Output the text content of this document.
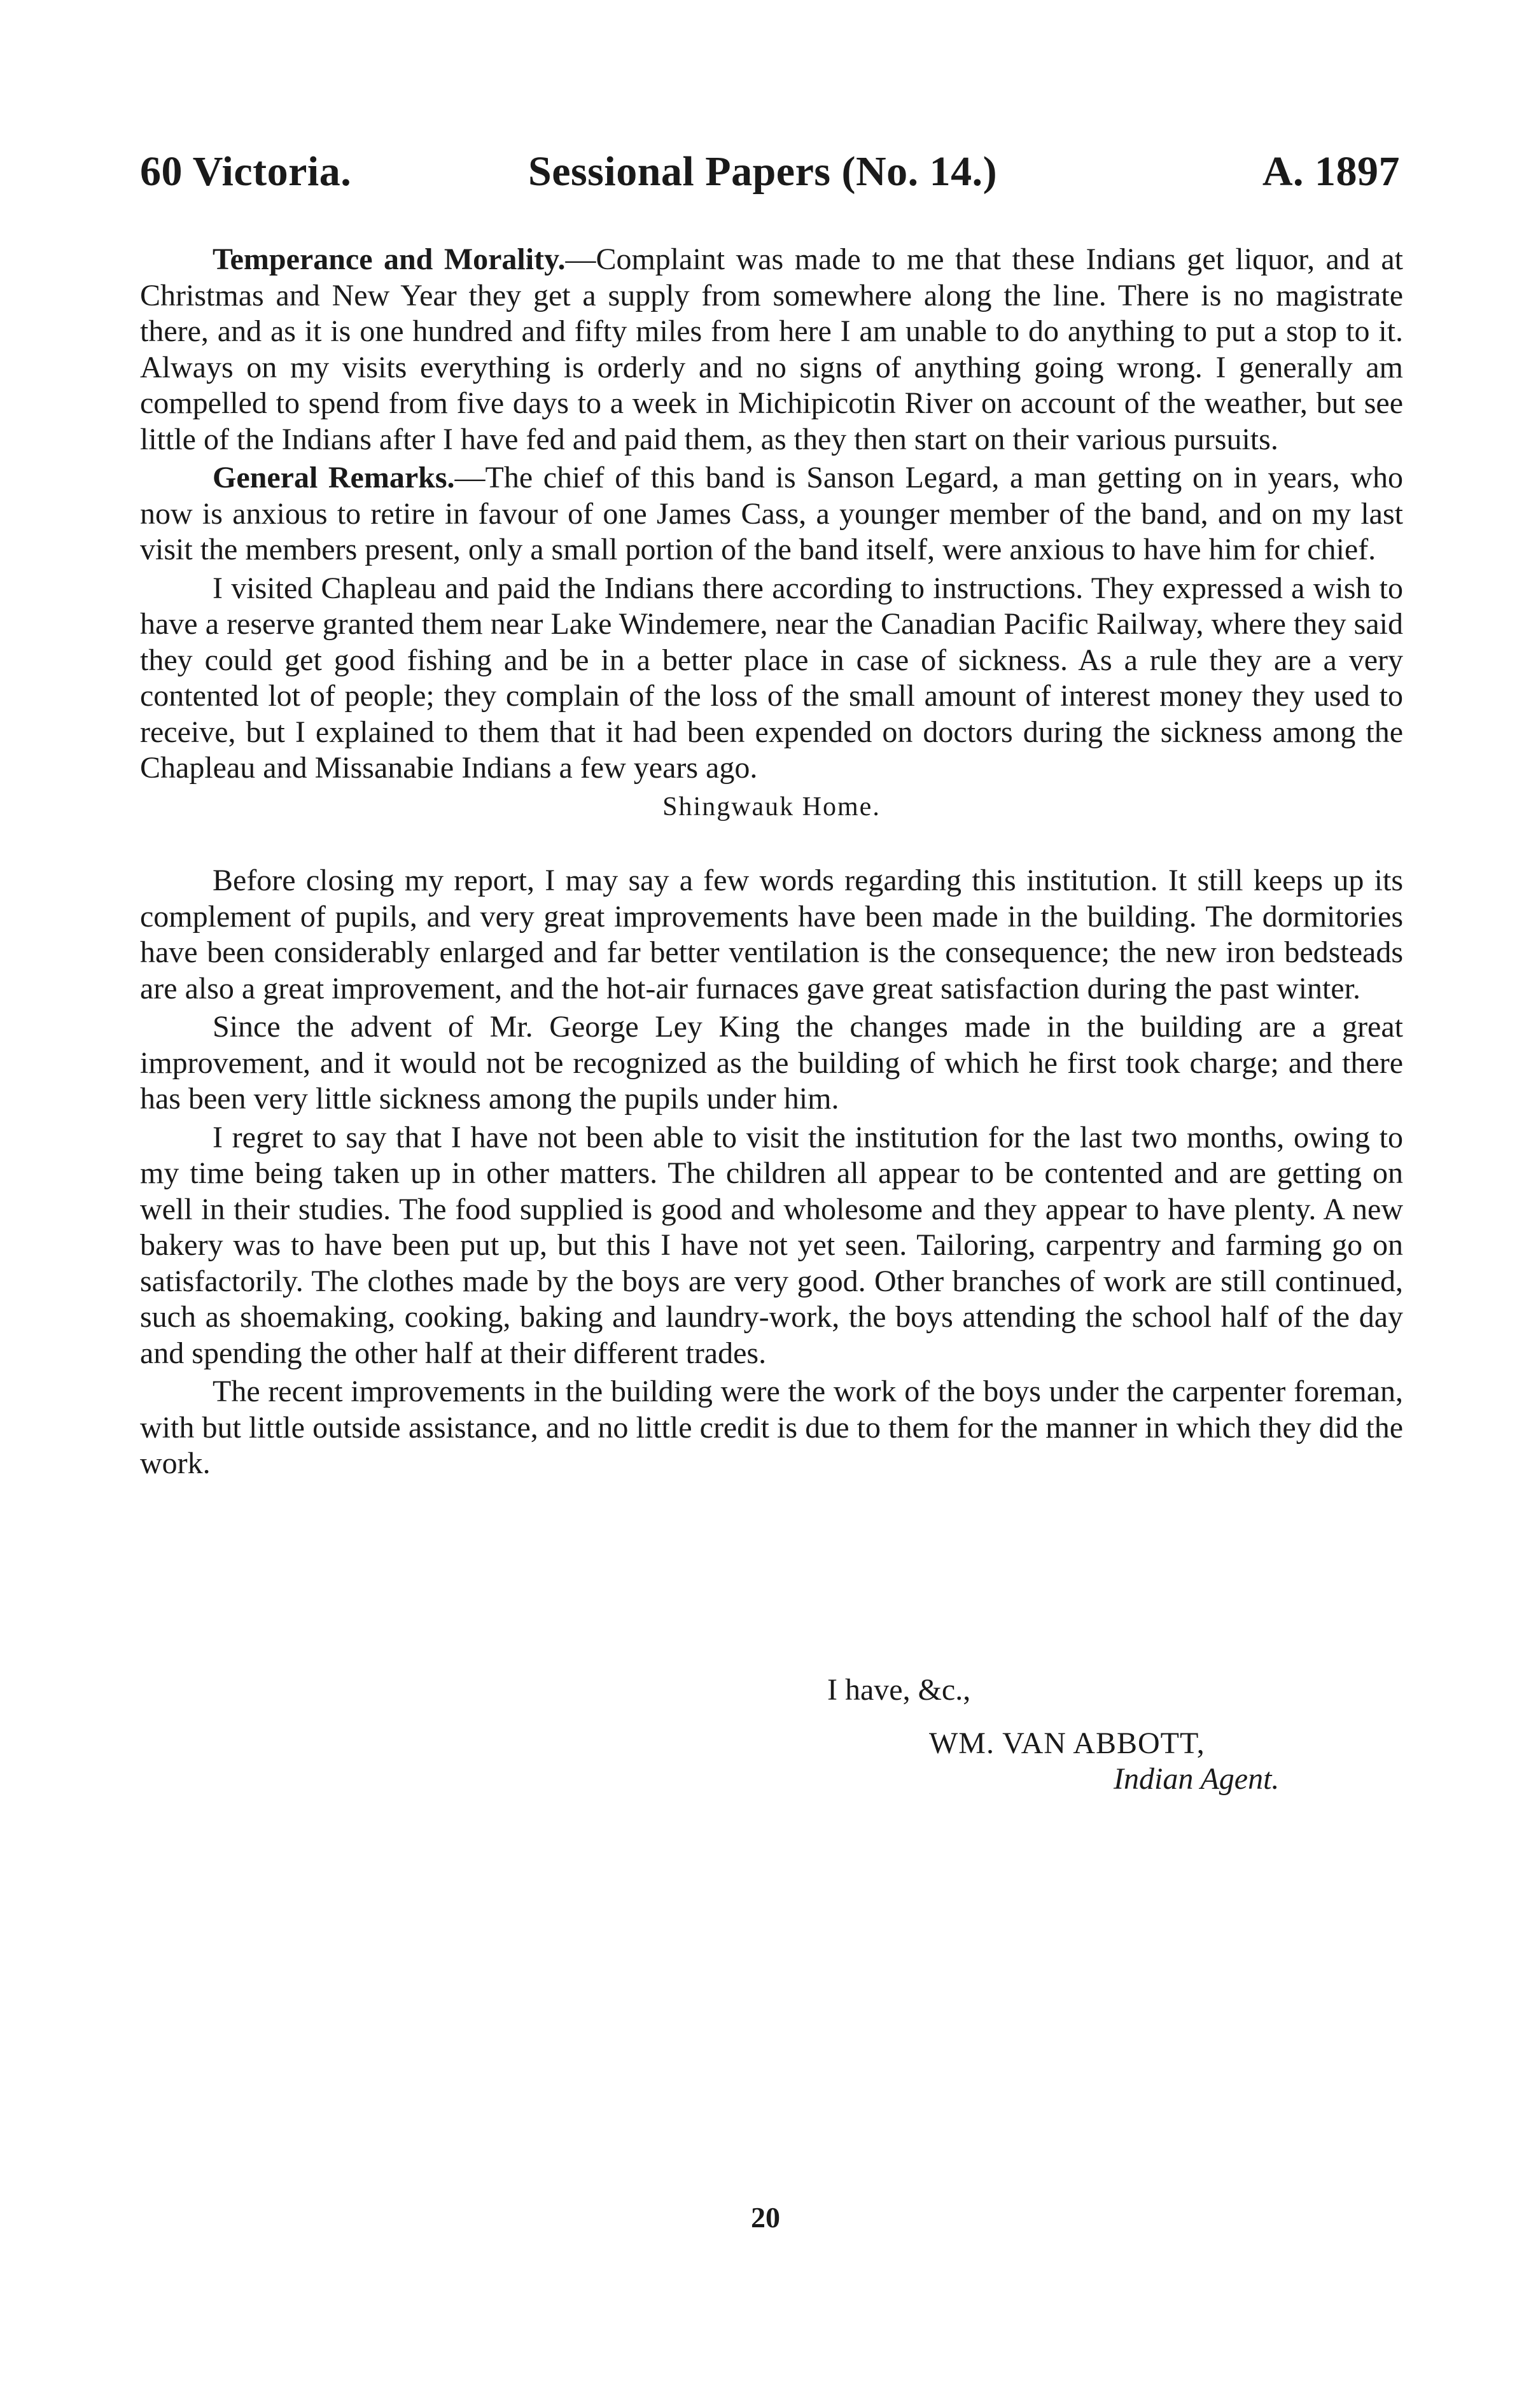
60 Victoria.	Sessional Papers (No. 14.)	A. 1897

Temperance and Morality.—Complaint was made to me that these Indians get liquor, and at Christmas and New Year they get a supply from somewhere along the line. There is no magistrate there, and as it is one hundred and fifty miles from here I am unable to do anything to put a stop to it. Always on my visits everything is orderly and no signs of anything going wrong. I generally am compelled to spend from five days to a week in Michipicotin River on account of the weather, but see little of the Indians after I have fed and paid them, as they then start on their various pursuits.

General Remarks.—The chief of this band is Sanson Legard, a man getting on in years, who now is anxious to retire in favour of one James Cass, a younger member of the band, and on my last visit the members present, only a small portion of the band itself, were anxious to have him for chief.

I visited Chapleau and paid the Indians there according to instructions. They expressed a wish to have a reserve granted them near Lake Windemere, near the Canadian Pacific Railway, where they said they could get good fishing and be in a better place in case of sickness. As a rule they are a very contented lot of people; they complain of the loss of the small amount of interest money they used to receive, but I explained to them that it had been expended on doctors during the sickness among the Chapleau and Missanabie Indians a few years ago.

Shingwauk Home.

Before closing my report, I may say a few words regarding this institution. It still keeps up its complement of pupils, and very great improvements have been made in the building. The dormitories have been considerably enlarged and far better ventilation is the consequence; the new iron bedsteads are also a great improvement, and the hot-air furnaces gave great satisfaction during the past winter.

Since the advent of Mr. George Ley King the changes made in the building are a great improvement, and it would not be recognized as the building of which he first took charge; and there has been very little sickness among the pupils under him.

I regret to say that I have not been able to visit the institution for the last two months, owing to my time being taken up in other matters. The children all appear to be contented and are getting on well in their studies. The food supplied is good and wholesome and they appear to have plenty. A new bakery was to have been put up, but this I have not yet seen. Tailoring, carpentry and farming go on satisfactorily. The clothes made by the boys are very good. Other branches of work are still continued, such as shoemaking, cooking, baking and laundry-work, the boys attending the school half of the day and spending the other half at their different trades.

The recent improvements in the building were the work of the boys under the carpenter foreman, with but little outside assistance, and no little credit is due to them for the manner in which they did the work.

I have, &c.,
WM. VAN ABBOTT,
Indian Agent.
20
